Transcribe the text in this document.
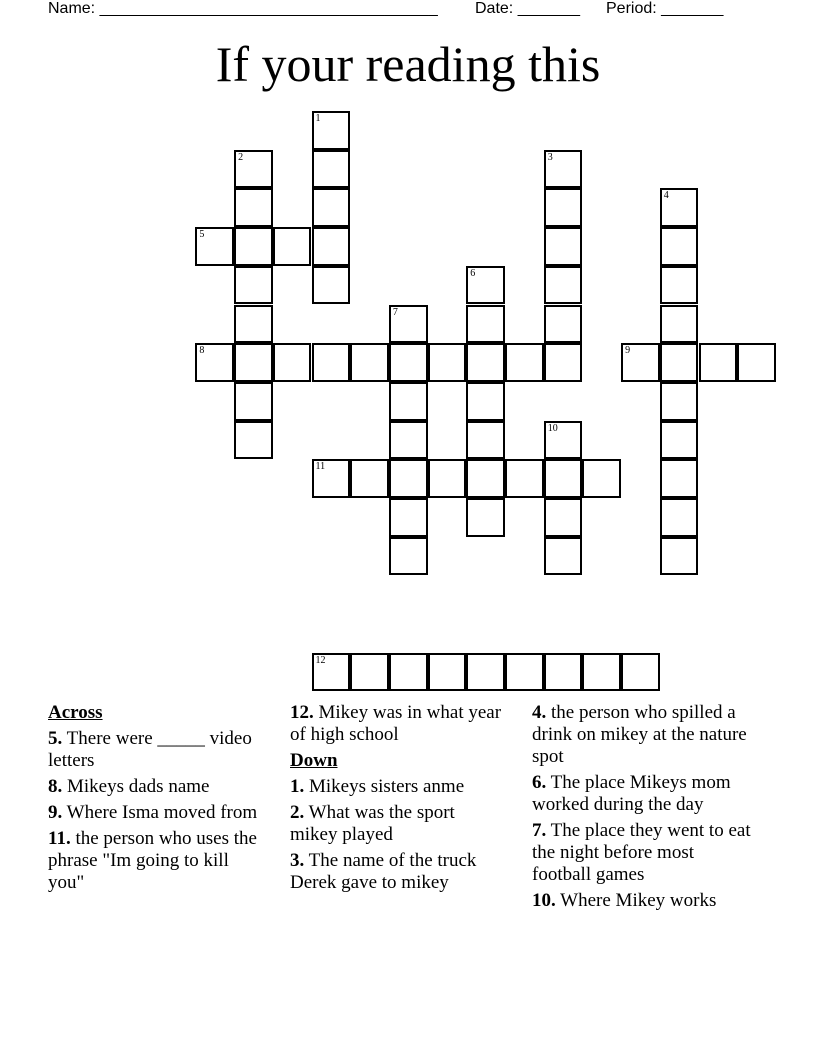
Name: ______________________________________ Date: _______ Period: _______
If your reading this
1
2	3
4
5
6
7
8	9
10
11
12
Across
5. There were _____ video letters
8. Mikeys dads name
9. Where Isma moved from
11. the person who uses the phrase "Im going to kill you"
12. Mikey was in what year of high school
Down
1. Mikeys sisters anme
2. What was the sport mikey played
3. The name of the truck Derek gave to mikey
4. the person who spilled a drink on mikey at the nature spot
6. The place Mikeys mom worked during the day
7. The place they went to eat the night before most football games
10. Where Mikey works
